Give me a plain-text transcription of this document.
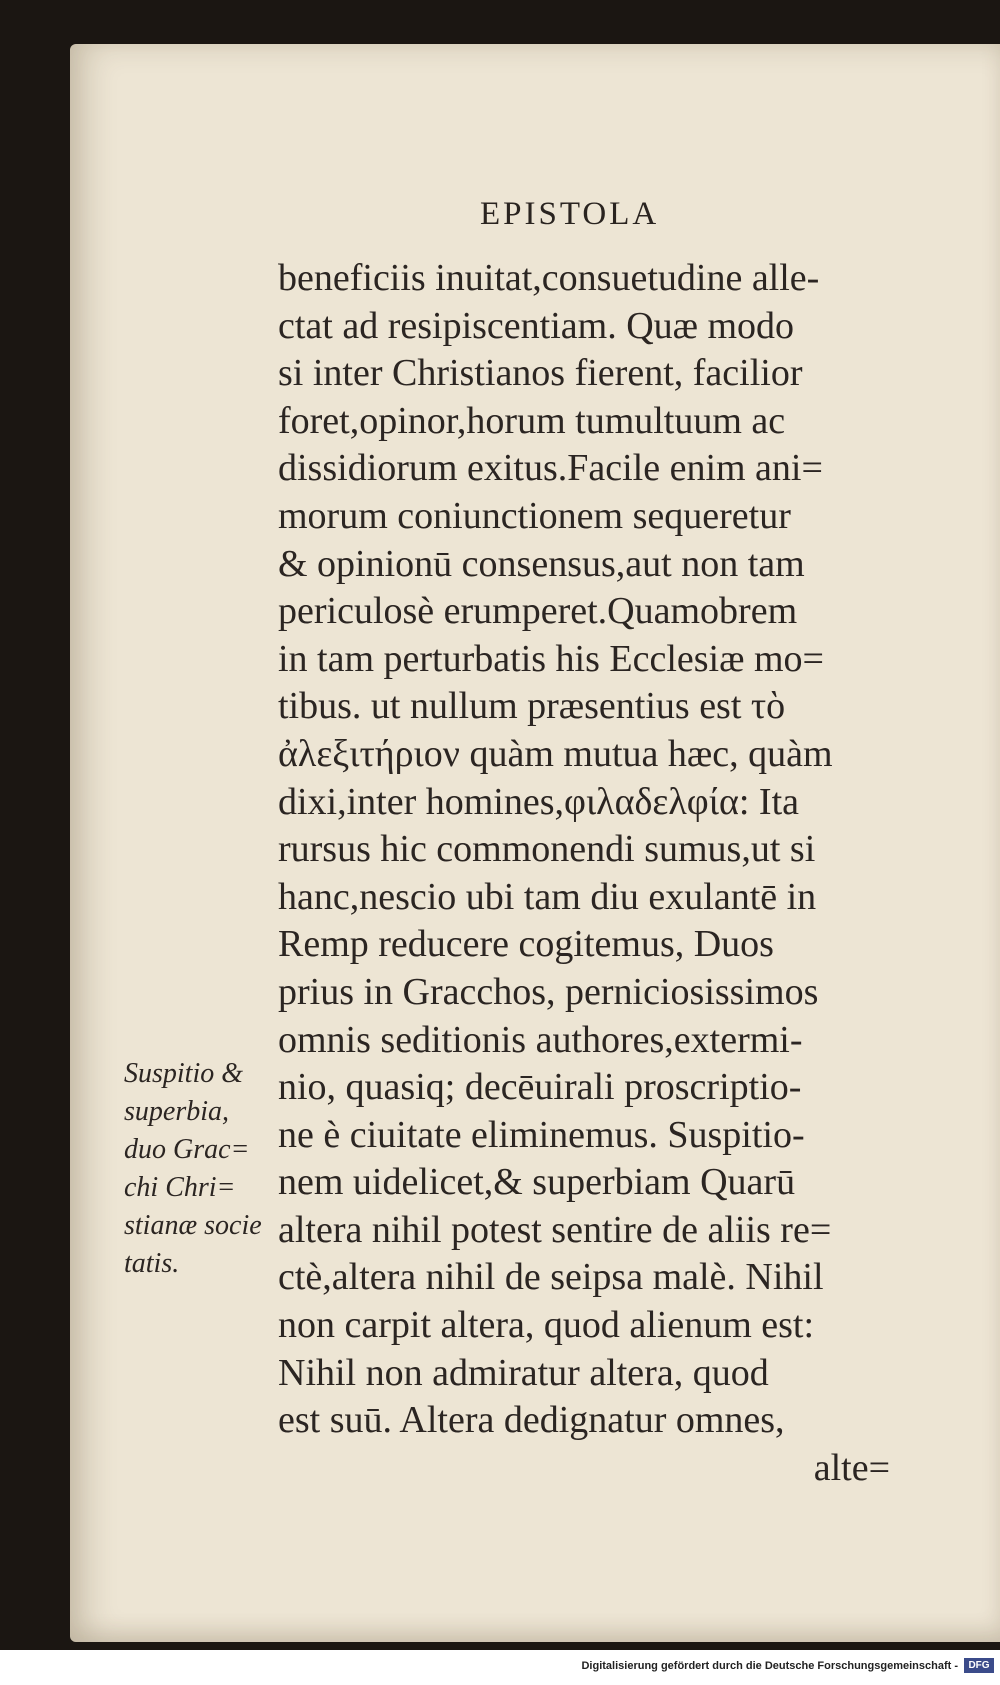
EPISTOLA
beneficiis inuitat,consuetudine alle-
ctat ad resipiscentiam. Quæ modo
si inter Christianos fierent, facilior
foret,opinor,horum tumultuum ac
dissidiorum exitus.Facile enim ani=
morum coniunctionem sequeretur
& opinionū consensus,aut non tam
periculosè erumperet.Quamobrem
in tam perturbatis his Ecclesiæ mo=
tibus. ut nullum præsentius est τὸ
ἀλεξιτήριον quàm mutua hæc, quàm
dixi,inter homines,φιλαδελφία: Ita
rursus hic commonendi sumus,ut si
hanc,nescio ubi tam diu exulantē in
Remp reducere cogitemus, Duos
prius in Gracchos, perniciosissimos
omnis seditionis authores,extermi-
nio, quasiq; decēuirali proscriptio-
ne è ciuitate eliminemus. Suspitio-
nem uidelicet,& superbiam Quarū
altera nihil potest sentire de aliis re=
ctè,altera nihil de seipsa malè. Nihil
non carpit altera, quod alienum est:
Nihil non admiratur altera, quod
est suū. Altera dedignatur omnes,
alte=
Suspitio &
superbia,
duo Grac=
chi Chri=
stianæ socie
tatis.
Digitalisierung gefördert durch die Deutsche Forschungsgemeinschaft -	DFG
